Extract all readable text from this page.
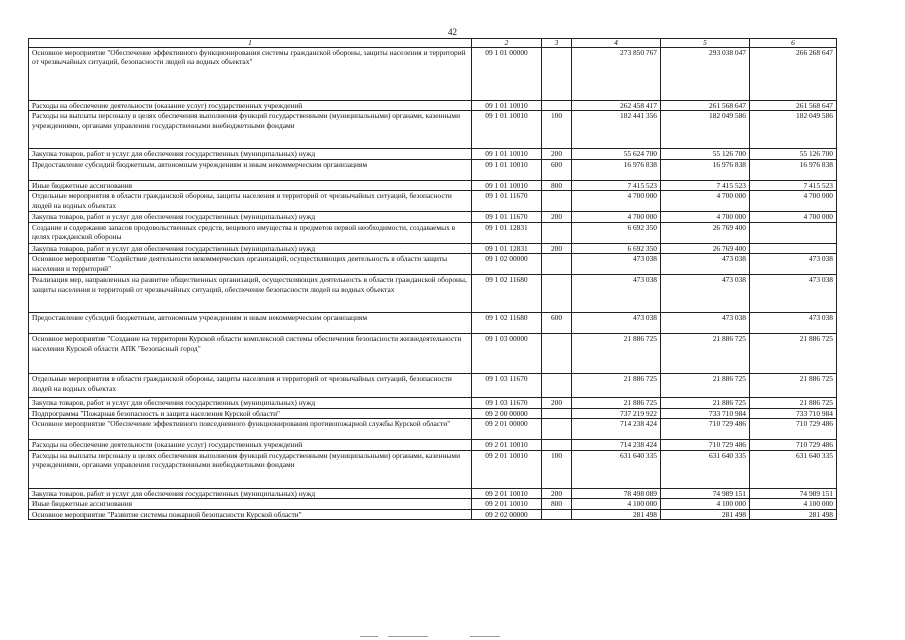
42
1	2	3	4	5	6
Основное мероприятие "Обеспечение эффективного функционирования системы гражданской обороны, защиты населения и территорий от чрезвычайных ситуаций, безопасности людей на водных объектах"	09 1 01 00000		273 850 767	293 038 047	266 268 647
Расходы на обеспечение деятельности (оказание услуг) государственных учреждений	09 1 01 10010		262 458 417	261 568 647	261 568 647
Расходы на выплаты персоналу в целях обеспечения выполнения функций государственными (муниципальными) органами, казенными учреждениями, органами управления государственными внебюджетными фондами	09 1 01 10010	100	182 441 356	182 049 586	182 049 586
Закупка товаров, работ и услуг для обеспечения государственных (муниципальных) нужд	09 1 01 10010	200	55 624 700	55 126 700	55 126 700
Предоставление субсидий бюджетным, автономным учреждениям и иным некоммерческим организациям	09 1 01 10010	600	16 976 838	16 976 838	16 976 838
Иные бюджетные ассигнования	09 1 01 10010	800	7 415 523	7 415 523	7 415 523
Отдельные мероприятия в области гражданской обороны, защиты населения и территорий от чрезвычайных ситуаций, безопасности людей на водных объектах	09 1 01 11670		4 700 000	4 700 000	4 700 000
Закупка товаров, работ и услуг для обеспечения государственных (муниципальных) нужд	09 1 01 11670	200	4 700 000	4 700 000	4 700 000
Создание и содержание запасов продовольственных средств, вещевого имущества и предметов первой необходимости, создаваемых в целях гражданской обороны	09 1 01 12831		6 692 350	26 769 400	
Закупка товаров, работ и услуг для обеспечения государственных (муниципальных) нужд	09 1 01 12831	200	6 692 350	26 769 400	
Основное мероприятие "Содействие деятельности некоммерческих организаций, осуществляющих деятельность в области защиты населения и территорий"	09 1 02 00000		473 038	473 038	473 038
Реализация мер, направленных на развитие общественных организаций, осуществляющих деятельность в области гражданской обороны, защиты населения и территорий от чрезвычайных ситуаций, обеспечение безопасности людей на водных объектах	09 1 02 11680		473 038	473 038	473 038
Предоставление субсидий бюджетным, автономным учреждениям и иным некоммерческим организациям	09 1 02 11680	600	473 038	473 038	473 038
Основное мероприятие "Создание на территории Курской области комплексной системы обеспечения безопасности жизнедеятельности населения Курской области АПК "Безопасный город"	09 1 03 00000		21 886 725	21 886 725	21 886 725
Отдельные мероприятия в области гражданской обороны, защиты населения и территорий от чрезвычайных ситуаций, безопасности людей на водных объектах	09 1 03 11670		21 886 725	21 886 725	21 886 725
Закупка товаров, работ и услуг для обеспечения государственных (муниципальных) нужд	09 1 03 11670	200	21 886 725	21 886 725	21 886 725
Подпрограмма "Пожарная безопасность и защита населения Курской области"	09 2 00 00000		737 219 922	733 710 984	733 710 984
Основное мероприятие "Обеспечение эффективного повседневного функционирования противопожарной службы Курской области"	09 2 01 00000		714 238 424	710 729 486	710 729 486
Расходы на обеспечение деятельности (оказание услуг) государственных учреждений	09 2 01 10010		714 238 424	710 729 486	710 729 486
Расходы на выплаты персоналу в целях обеспечения выполнения функций государственными (муниципальными) органами, казенными учреждениями, органами управления государственными внебюджетными фондами	09 2 01 10010	100	631 640 335	631 640 335	631 640 335
Закупка товаров, работ и услуг для обеспечения государственных (муниципальных) нужд	09 2 01 10010	200	78 498 089	74 989 151	74 989 151
Иные бюджетные ассигнования	09 2 01 10010	800	4 100 000	4 100 000	4 100 000
Основное мероприятие "Развитие системы пожарной безопасности Курской области"	09 2 02 00000		281 498	281 498	281 498
